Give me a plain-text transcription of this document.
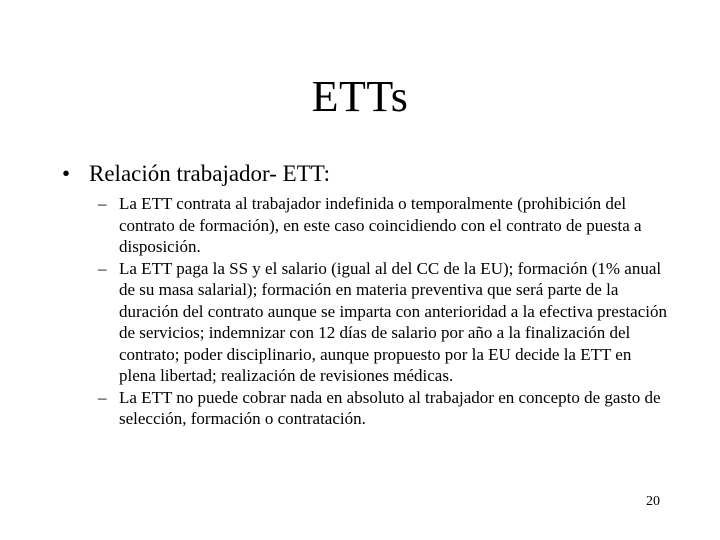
ETTs
• Relación trabajador- ETT:
– La ETT contrata al trabajador indefinida o temporalmente (prohibición del contrato de formación), en este caso coincidiendo con el contrato de puesta a disposición.
– La ETT paga la SS y el salario (igual al del CC de la EU); formación (1% anual de su masa salarial); formación en materia preventiva que será parte de la duración del contrato aunque se imparta con anterioridad a la efectiva prestación de servicios; indemnizar con 12 días de salario por año a la finalización del contrato; poder disciplinario, aunque propuesto por la EU decide la ETT en plena libertad; realización de revisiones médicas.
– La ETT no puede cobrar nada en absoluto al trabajador en concepto de gasto de selección, formación o contratación.
20
